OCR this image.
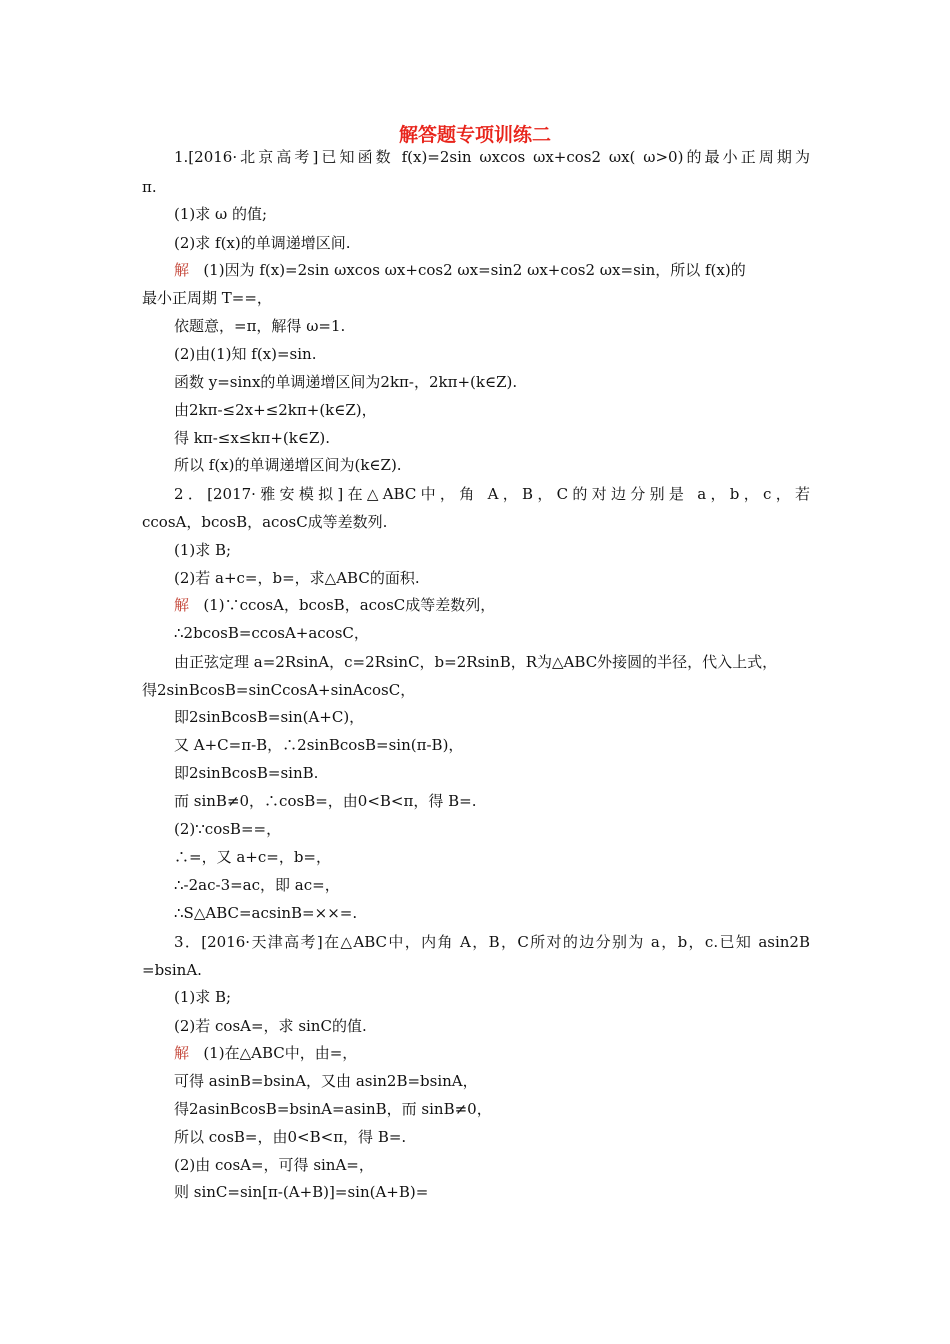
解答题专项训练二
1.[2016·北京高考]已知函数 f(x)=2sin ωxcos ωx+cos2 ωx( ω>0)的最小正周期为
π.
(1)求 ω 的值;
(2)求 f(x)的单调递增区间.
解 (1)因为 f(x)=2sin ωxcos ωx+cos2 ωx=sin2 ωx+cos2 ωx=sin，所以 f(x)的
最小正周期 T==，
依题意，=π，解得 ω=1.
(2)由(1)知 f(x)=sin.
函数 y=sinx的单调递增区间为2kπ-，2kπ+(k∈Z).
由2kπ-≤2x+≤2kπ+(k∈Z)，
得 kπ-≤x≤kπ+(k∈Z).
所以 f(x)的单调递增区间为(k∈Z).
2．[2017·雅安模拟]在△ABC中，角 A，B，C的对边分别是 a，b，c，若
ccosA，bcosB，acosC成等差数列.
(1)求 B;
(2)若 a+c=，b=，求△ABC的面积.
解 (1)∵ccosA，bcosB，acosC成等差数列，
∴2bcosB=ccosA+acosC，
由正弦定理 a=2RsinA，c=2RsinC，b=2RsinB，R为△ABC外接圆的半径，代入上式，
得2sinBcosB=sinCcosA+sinAcosC，
即2sinBcosB=sin(A+C)，
又 A+C=π-B，∴2sinBcosB=sin(π-B)，
即2sinBcosB=sinB.
而 sinB≠0，∴cosB=，由0<B<π，得 B=.
(2)∵cosB==，
∴=，又 a+c=，b=，
∴-2ac-3=ac，即 ac=，
∴S△ABC=acsinB=××=.
3．[2016·天津高考]在△ABC中，内角 A，B，C所对的边分别为 a，b，c.已知 asin2B
=bsinA.
(1)求 B;
(2)若 cosA=，求 sinC的值.
解 (1)在△ABC中，由=，
可得 asinB=bsinA，又由 asin2B=bsinA，
得2asinBcosB=bsinA=asinB，而 sinB≠0，
所以 cosB=，由0<B<π，得 B=.
(2)由 cosA=，可得 sinA=，
则 sinC=sin[π-(A+B)]=sin(A+B)=
